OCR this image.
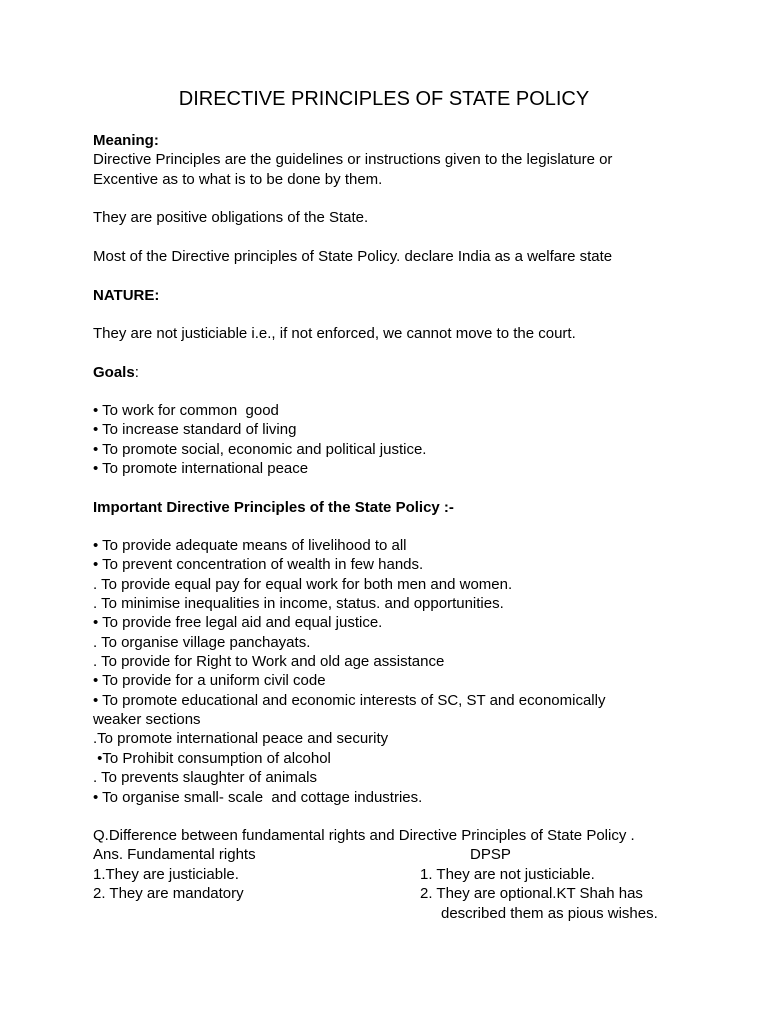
DIRECTIVE PRINCIPLES OF STATE POLICY
Meaning:
Directive Principles are the guidelines or instructions given to the legislature or
Excentive as to what is to be done by them.
They are positive obligations of the State.
Most of the Directive principles of State Policy. declare India as a welfare state
NATURE:
They are not justiciable i.e., if not enforced, we cannot move to the court.
Goals:
• To work for common  good
• To increase standard of living
• To promote social, economic and political justice.
• To promote international peace
Important Directive Principles of the State Policy :-
• To provide adequate means of livelihood to all
• To prevent concentration of wealth in few hands.
. To provide equal pay for equal work for both men and women.
. To minimise inequalities in income, status. and opportunities.
• To provide free legal aid and equal justice.
. To organise village panchayats.
. To provide for Right to Work and old age assistance
• To provide for a uniform civil code
• To promote educational and economic interests of SC, ST and economically
weaker sections
.To promote international peace and security
•To Prohibit consumption of alcohol
. To prevents slaughter of animals
• To organise small- scale  and cottage industries.
Q.Difference between fundamental rights and Directive Principles of State Policy .
Ans. Fundamental rights	DPSP
1.They are justiciable.	1. They are not justiciable.
2. They are mandatory	2. They are optional.KT Shah has
described them as pious wishes.
